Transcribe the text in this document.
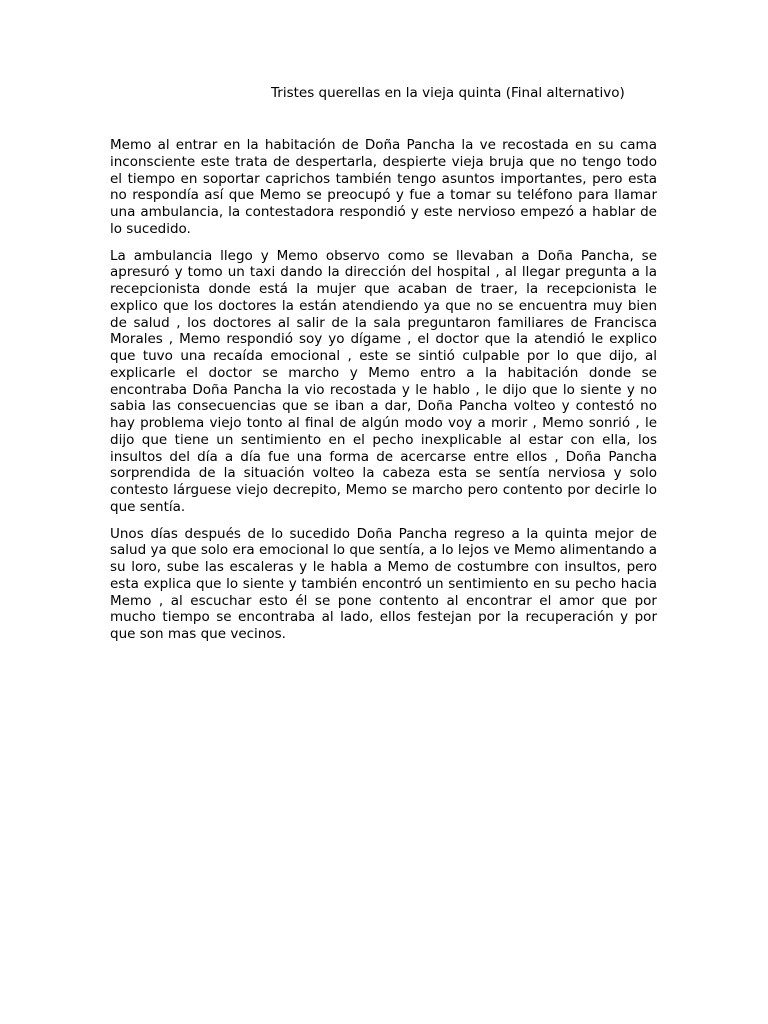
Tristes querellas en la vieja quinta (Final alternativo)

Memo al entrar en la habitación de Doña Pancha la ve recostada en su cama inconsciente este trata de despertarla, despierte vieja bruja que no tengo todo el tiempo en soportar caprichos también tengo asuntos importantes, pero esta no respondía así que Memo se preocupó y fue a tomar su teléfono para llamar una ambulancia, la contestadora respondió y este nervioso empezó a hablar de lo sucedido.

La ambulancia llego y Memo observo como se llevaban a Doña Pancha, se apresuró y tomo un taxi dando la dirección del hospital , al llegar pregunta a la recepcionista donde está la mujer que acaban de traer, la recepcionista le explico que los doctores la están atendiendo ya que no se encuentra muy bien de salud , los doctores al salir de la sala preguntaron familiares de Francisca Morales , Memo respondió soy yo dígame , el doctor que la atendió le explico que tuvo una recaída emocional , este se sintió culpable por lo que dijo, al explicarle el doctor se marcho y Memo entro a la habitación donde se encontraba Doña Pancha la vio recostada y le hablo , le dijo que lo siente y no sabia las consecuencias que se iban a dar, Doña Pancha volteo y contestó no hay problema viejo tonto al final de algún modo voy a morir , Memo sonrió , le dijo que tiene un sentimiento en el pecho inexplicable al estar con ella, los insultos del día a día fue una forma de acercarse entre ellos , Doña Pancha sorprendida de la situación volteo la cabeza esta se sentía nerviosa y solo contesto lárguese viejo decrepito, Memo se marcho pero contento por decirle lo que sentía.

Unos días después de lo sucedido Doña Pancha regreso a la quinta mejor de salud ya que solo era emocional lo que sentía, a lo lejos ve Memo alimentando a su loro, sube las escaleras y le habla a Memo de costumbre con insultos, pero esta explica que lo siente y también encontró un sentimiento en su pecho hacia Memo , al escuchar esto él se pone contento al encontrar el amor que por mucho tiempo se encontraba al lado, ellos festejan por la recuperación y por que son mas que vecinos.
